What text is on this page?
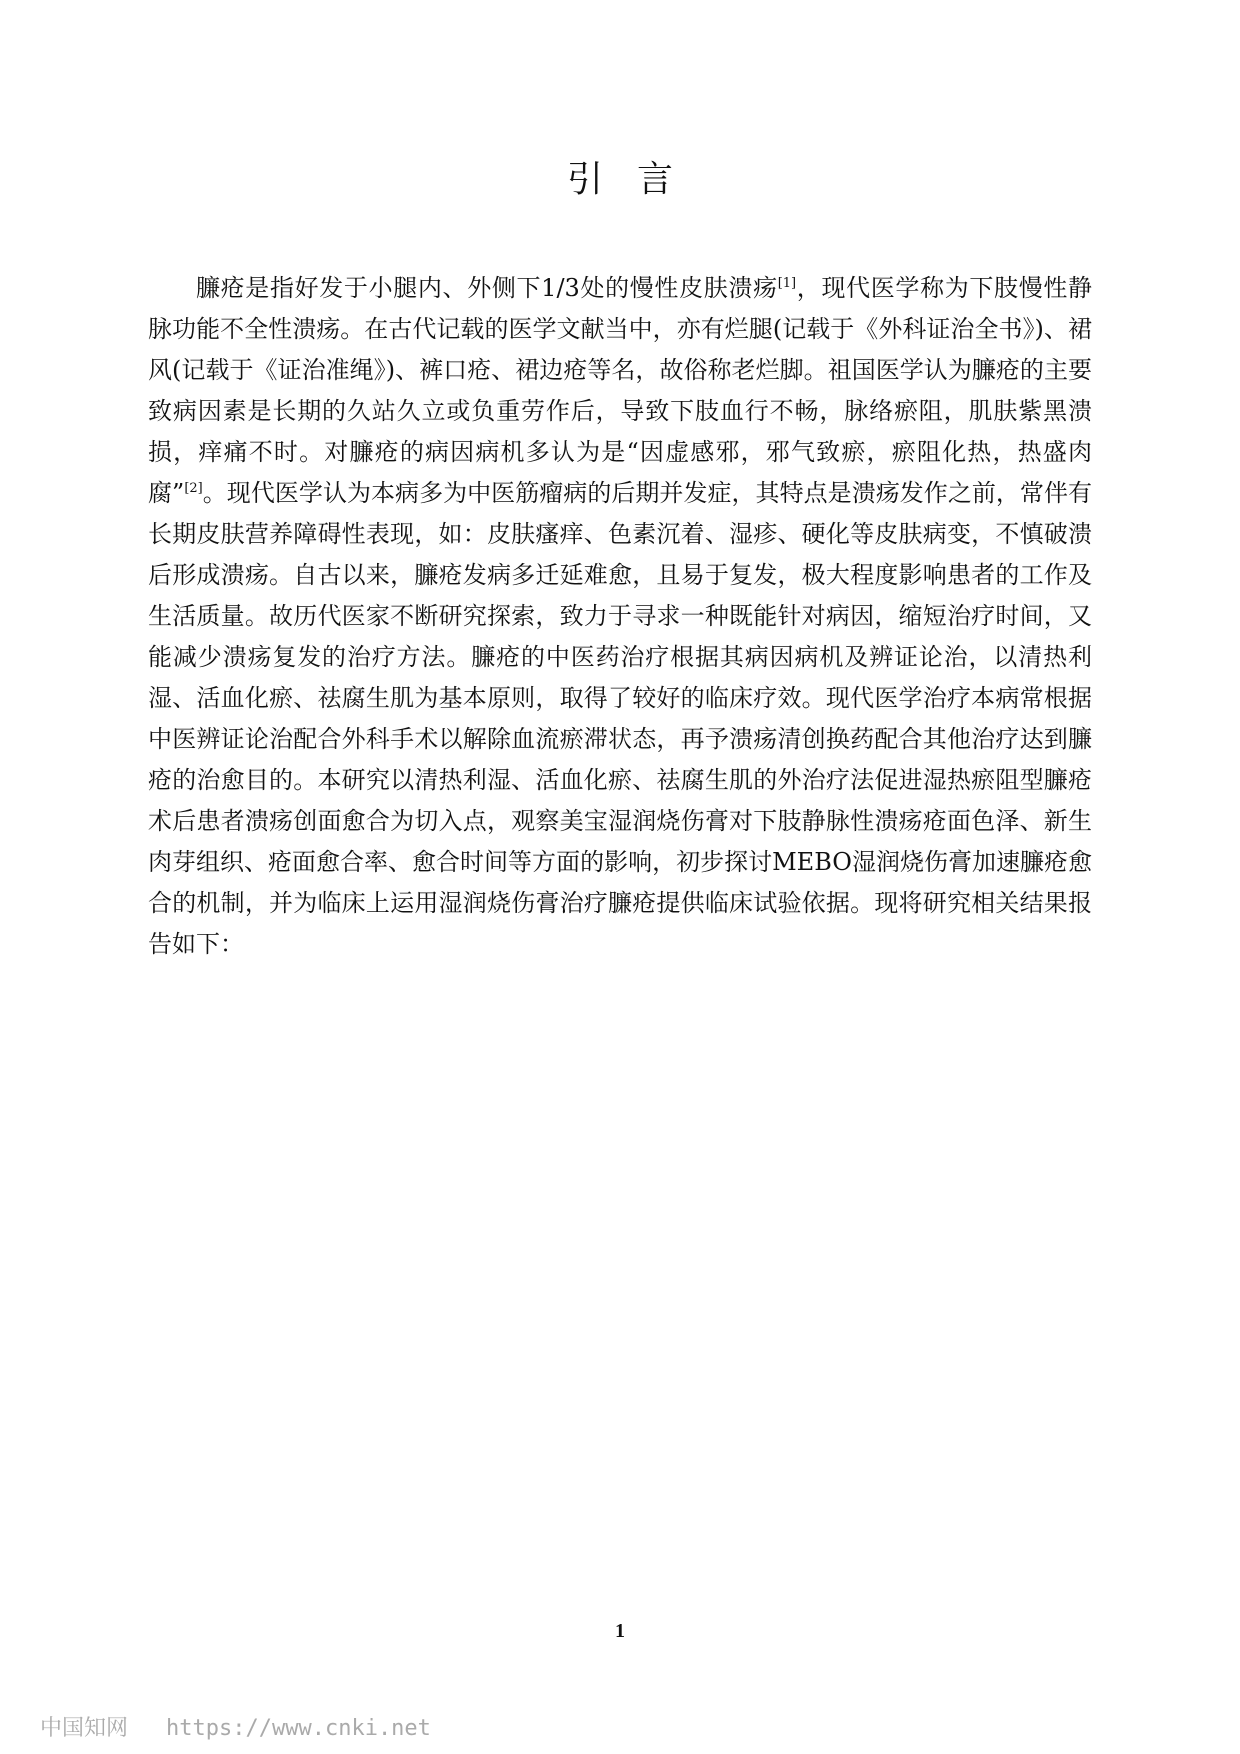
引言

臁疮是指好发于小腿内、外侧下1/3处的慢性皮肤溃疡[1]，现代医学称为下肢慢性静脉功能不全性溃疡。在古代记载的医学文献当中，亦有烂腿(记载于《外科证治全书》)、裙风(记载于《证治准绳》)、裤口疮、裙边疮等名，故俗称老烂脚。祖国医学认为臁疮的主要致病因素是长期的久站久立或负重劳作后，导致下肢血行不畅，脉络瘀阻，肌肤紫黑溃损，痒痛不时。对臁疮的病因病机多认为是“因虚感邪，邪气致瘀，瘀阻化热，热盛肉腐”[2]。现代医学认为本病多为中医筋瘤病的后期并发症，其特点是溃疡发作之前，常伴有长期皮肤营养障碍性表现，如：皮肤瘙痒、色素沉着、湿疹、硬化等皮肤病变，不慎破溃后形成溃疡。自古以来，臁疮发病多迁延难愈，且易于复发，极大程度影响患者的工作及生活质量。故历代医家不断研究探索，致力于寻求一种既能针对病因，缩短治疗时间，又能减少溃疡复发的治疗方法。臁疮的中医药治疗根据其病因病机及辨证论治，以清热利湿、活血化瘀、祛腐生肌为基本原则，取得了较好的临床疗效。现代医学治疗本病常根据中医辨证论治配合外科手术以解除血流瘀滞状态，再予溃疡清创换药配合其他治疗达到臁疮的治愈目的。本研究以清热利湿、活血化瘀、祛腐生肌的外治疗法促进湿热瘀阻型臁疮术后患者溃疡创面愈合为切入点，观察美宝湿润烧伤膏对下肢静脉性溃疡疮面色泽、新生肉芽组织、疮面愈合率、愈合时间等方面的影响，初步探讨MEBO湿润烧伤膏加速臁疮愈合的机制，并为临床上运用湿润烧伤膏治疗臁疮提供临床试验依据。现将研究相关结果报告如下：

1
中国知网 https://www.cnki.net
